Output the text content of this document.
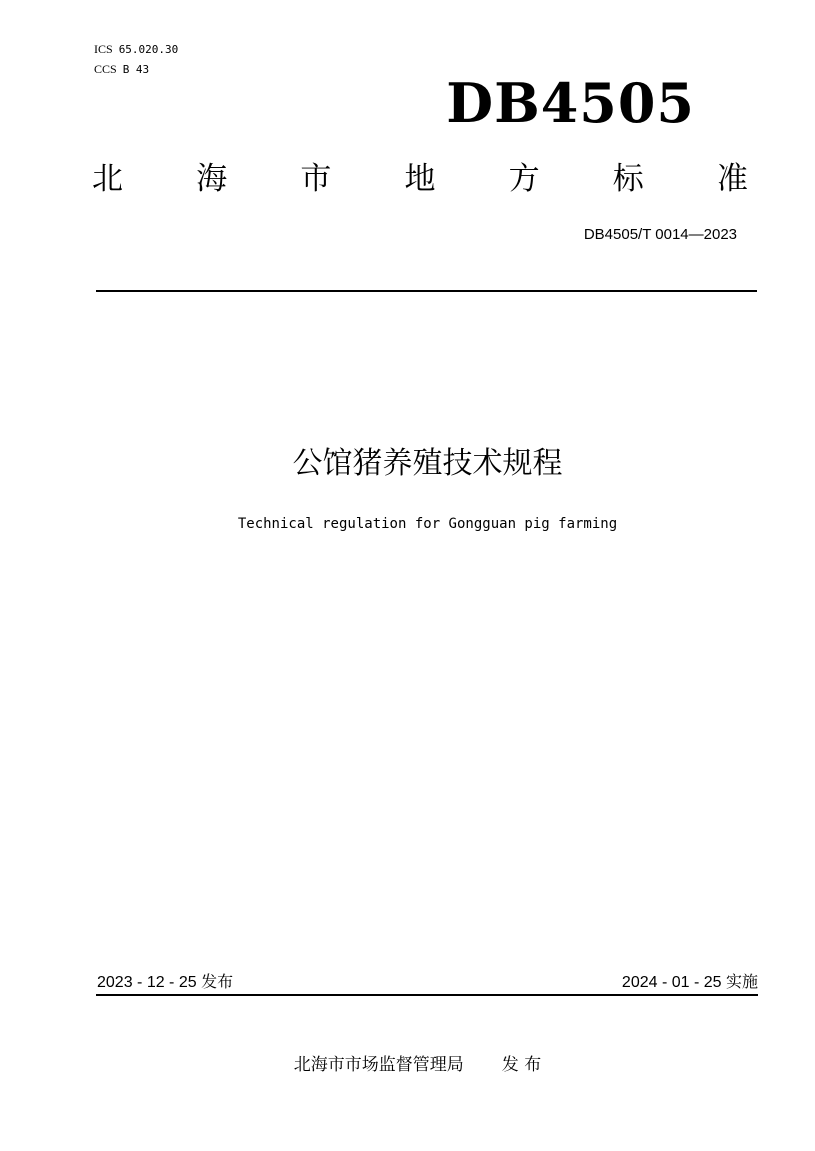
ICS 65.020.30
CCS B 43
DB4505
北 海 市 地 方 标 准
DB4505/T 0014—2023
公馆猪养殖技术规程
Technical regulation for Gongguan pig farming
2023 - 12 - 25 发布	2024 - 01 - 25 实施
北海市市场监督管理局 发 布
